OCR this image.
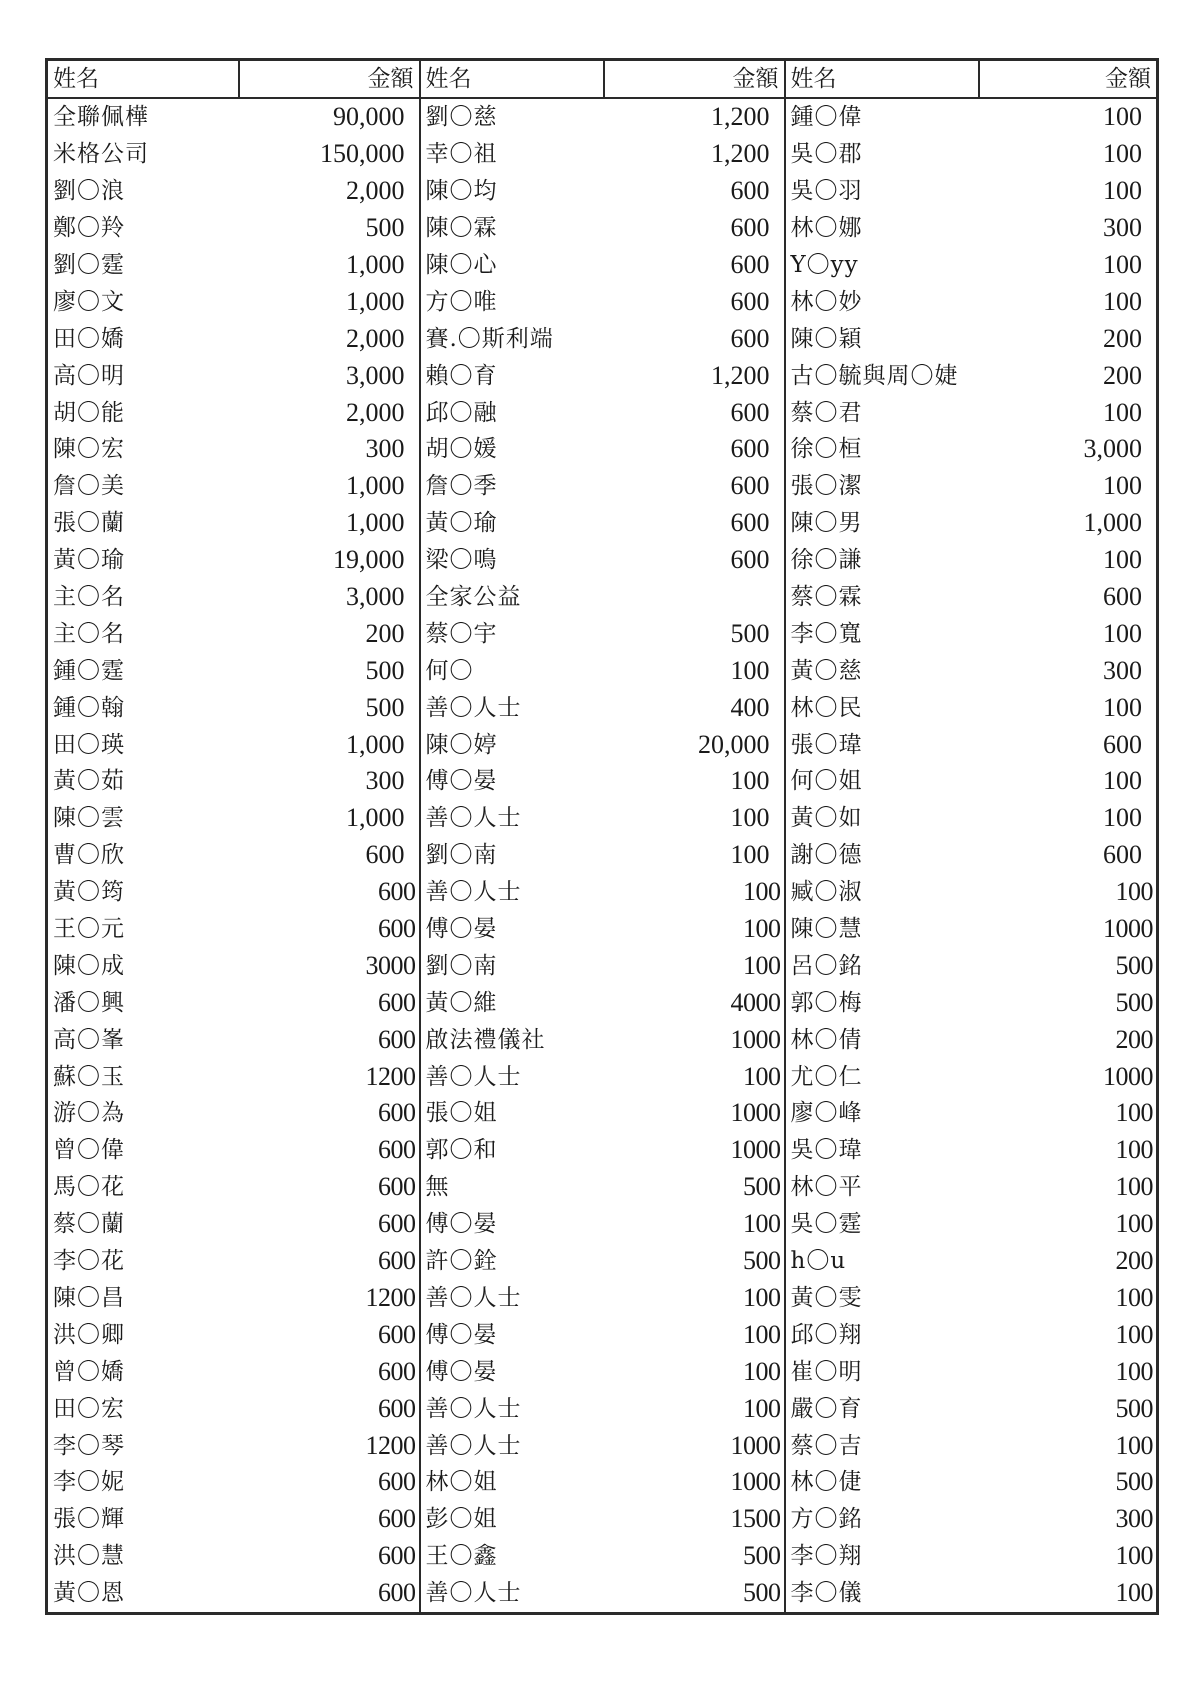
姓名	金額	姓名	金額	姓名	金額
全聯佩樺	90,000	劉〇慈	1,200	鍾〇偉	100
米格公司	150,000	幸〇祖	1,200	吳〇郡	100
劉〇浪	2,000	陳〇均	600	吳〇羽	100
鄭〇羚	500	陳〇霖	600	林〇娜	300
劉〇霆	1,000	陳〇心	600	Y〇yy	100
廖〇文	1,000	方〇唯	600	林〇妙	100
田〇嬌	2,000	賽.〇斯利端	600	陳〇穎	200
高〇明	3,000	賴〇育	1,200	古〇毓與周〇婕	200
胡〇能	2,000	邱〇融	600	蔡〇君	100
陳〇宏	300	胡〇媛	600	徐〇桓	3,000
詹〇美	1,000	詹〇季	600	張〇潔	100
張〇蘭	1,000	黃〇瑜	600	陳〇男	1,000
黃〇瑜	19,000	梁〇鳴	600	徐〇謙	100
主〇名	3,000	全家公益		蔡〇霖	600
主〇名	200	蔡〇宇	500	李〇寬	100
鍾〇霆	500	何〇	100	黃〇慈	300
鍾〇翰	500	善〇人士	400	林〇民	100
田〇瑛	1,000	陳〇婷	20,000	張〇瑋	600
黃〇茹	300	傅〇晏	100	何〇姐	100
陳〇雲	1,000	善〇人士	100	黃〇如	100
曹〇欣	600	劉〇南	100	謝〇德	600
黃〇筠	600	善〇人士	100	臧〇淑	100
王〇元	600	傅〇晏	100	陳〇慧	1000
陳〇成	3000	劉〇南	100	呂〇銘	500
潘〇興	600	黃〇維	4000	郭〇梅	500
高〇峯	600	啟法禮儀社	1000	林〇倩	200
蘇〇玉	1200	善〇人士	100	尤〇仁	1000
游〇為	600	張〇姐	1000	廖〇峰	100
曾〇偉	600	郭〇和	1000	吳〇瑋	100
馬〇花	600	無	500	林〇平	100
蔡〇蘭	600	傅〇晏	100	吳〇霆	100
李〇花	600	許〇銓	500	h〇u	200
陳〇昌	1200	善〇人士	100	黃〇雯	100
洪〇卿	600	傅〇晏	100	邱〇翔	100
曾〇嬌	600	傅〇晏	100	崔〇明	100
田〇宏	600	善〇人士	100	嚴〇育	500
李〇琴	1200	善〇人士	1000	蔡〇吉	100
李〇妮	600	林〇姐	1000	林〇倢	500
張〇輝	600	彭〇姐	1500	方〇銘	300
洪〇慧	600	王〇鑫	500	李〇翔	100
黃〇恩	600	善〇人士	500	李〇儀	100
